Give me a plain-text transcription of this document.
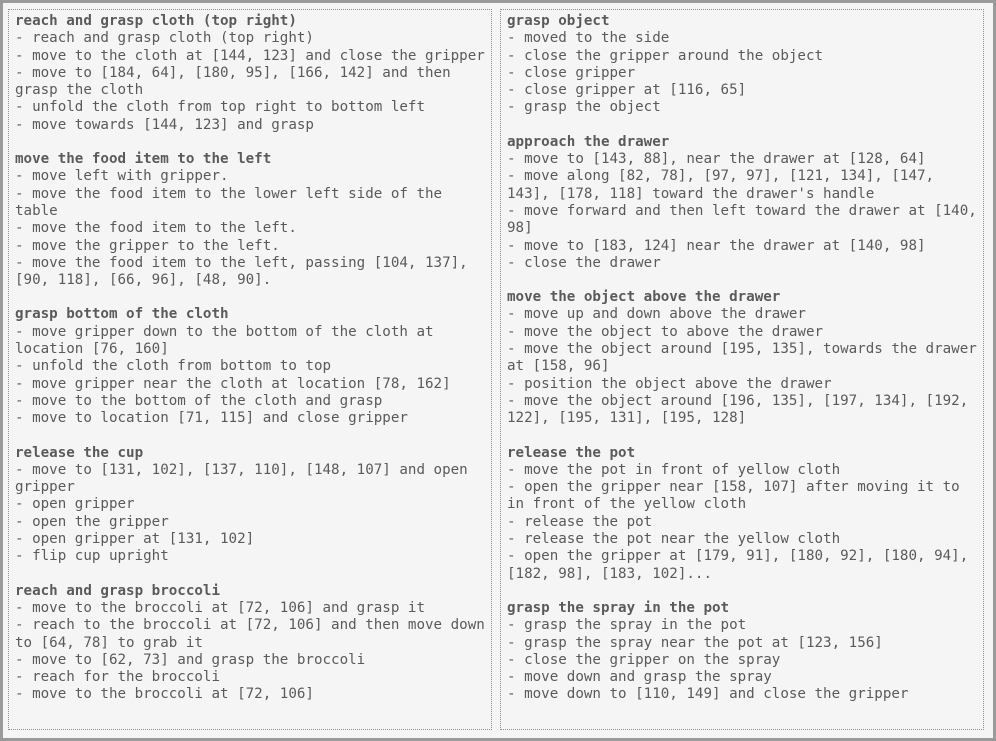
reach and grasp cloth (top right)
- reach and grasp cloth (top right)
- move to the cloth at [144, 123] and close the gripper
- move to [184, 64], [180, 95], [166, 142] and then grasp the cloth
- unfold the cloth from top right to bottom left
- move towards [144, 123] and grasp
move the food item to the left
- move left with gripper.
- move the food item to the lower left side of the table
- move the food item to the left.
- move the gripper to the left.
- move the food item to the left, passing [104, 137], [90, 118], [66, 96], [48, 90].
grasp bottom of the cloth
- move gripper down to the bottom of the cloth at location [76, 160]
- unfold the cloth from bottom to top
- move gripper near the cloth at location [78, 162]
- move to the bottom of the cloth and grasp
- move to location [71, 115] and close gripper
release the cup
- move to [131, 102], [137, 110], [148, 107] and open gripper
- open gripper
- open the gripper
- open gripper at [131, 102]
- flip cup upright
reach and grasp broccoli
- move to the broccoli at [72, 106] and grasp it
- reach to the broccoli at [72, 106] and then move down to [64, 78] to grab it
- move to [62, 73] and grasp the broccoli
- reach for the broccoli
- move to the broccoli at [72, 106]
grasp object
- moved to the side
- close the gripper around the object
- close gripper
- close gripper at [116, 65]
- grasp the object
approach the drawer
- move to [143, 88], near the drawer at [128, 64]
- move along [82, 78], [97, 97], [121, 134], [147, 143], [178, 118] toward the drawer's handle
- move forward and then left toward the drawer at [140, 98]
- move to [183, 124] near the drawer at [140, 98]
- close the drawer
move the object above the drawer
- move up and down above the drawer
- move the object to above the drawer
- move the object around [195, 135], towards the drawer at [158, 96]
- position the object above the drawer
- move the object around [196, 135], [197, 134], [192, 122], [195, 131], [195, 128]
release the pot
- move the pot in front of yellow cloth
- open the gripper near [158, 107] after moving it to in front of the yellow cloth
- release the pot
- release the pot near the yellow cloth
- open the gripper at [179, 91], [180, 92], [180, 94], [182, 98], [183, 102]...
grasp the spray in the pot
- grasp the spray in the pot
- grasp the spray near the pot at [123, 156]
- close the gripper on the spray
- move down and grasp the spray
- move down to [110, 149] and close the gripper
